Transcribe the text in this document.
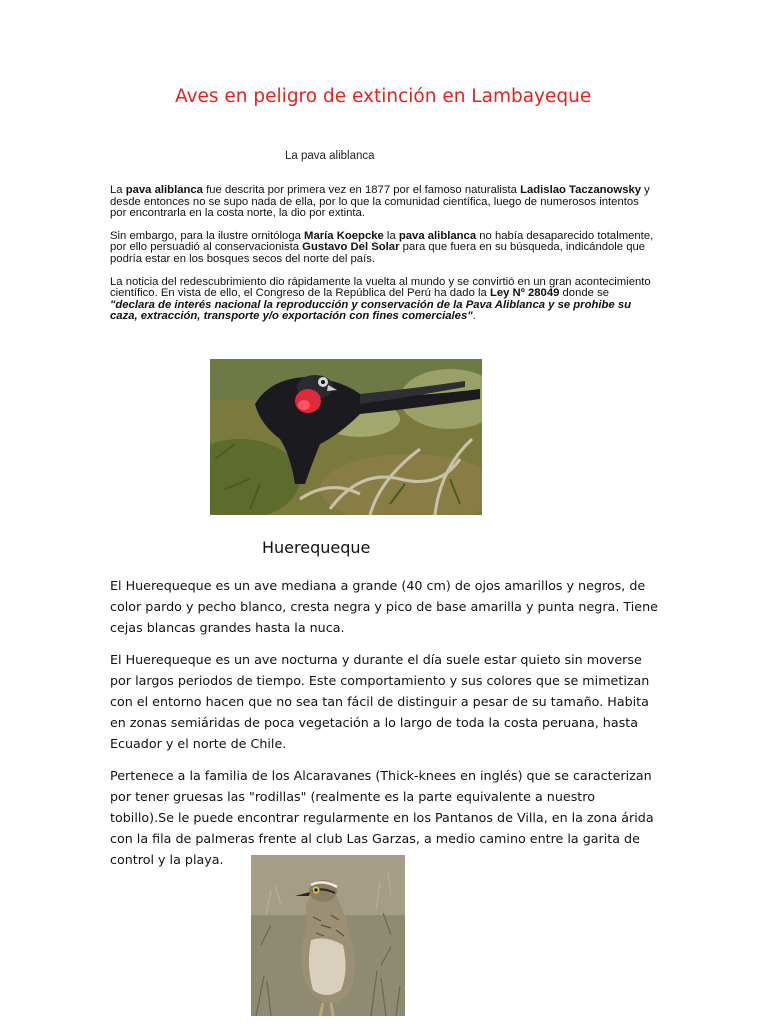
Aves en peligro de extinción en Lambayeque
La pava aliblanca

La pava aliblanca fue descrita por primera vez en 1877 por el famoso naturalista Ladislao Taczanowsky y desde entonces no se supo nada de ella, por lo que la comunidad científica, luego de numerosos intentos por encontrarla en la costa norte, la dio por extinta.

Sin embargo, para la ilustre ornitóloga María Koepcke la pava aliblanca no había desaparecido totalmente, por ello persuadió al conservacionista Gustavo Del Solar para que fuera en su búsqueda, indicándole que podría estar en los bosques secos del norte del país.

La noticia del redescubrimiento dio rápidamente la vuelta al mundo y se convirtió en un gran acontecimiento científico. En vista de ello, el Congreso de la República del Perú ha dado la Ley Nº 28049 donde se "declara de interés nacional la reproducción y conservación de la Pava Aliblanca y se prohibe su caza, extracción, transporte y/o exportación con fines comerciales".

Huerequeque

El Huerequeque es un ave mediana a grande (40 cm) de ojos amarillos y negros, de color pardo y pecho blanco, cresta negra y pico de base amarilla y punta negra. Tiene cejas blancas grandes hasta la nuca.

El Huerequeque es un ave nocturna y durante el día suele estar quieto sin moverse por largos periodos de tiempo. Este comportamiento y sus colores que se mimetizan con el entorno hacen que no sea tan fácil de distinguir a pesar de su tamaño. Habita en zonas semiáridas de poca vegetación a lo largo de toda la costa peruana, hasta Ecuador y el norte de Chile.

Pertenece a la familia de los Alcaravanes (Thick-knees en inglés) que se caracterizan por tener gruesas las "rodillas" (realmente es la parte equivalente a nuestro tobillo).Se le puede encontrar regularmente en los Pantanos de Villa, en la zona árida con la fila de palmeras frente al club Las Garzas, a medio camino entre la garita de control y la playa.
